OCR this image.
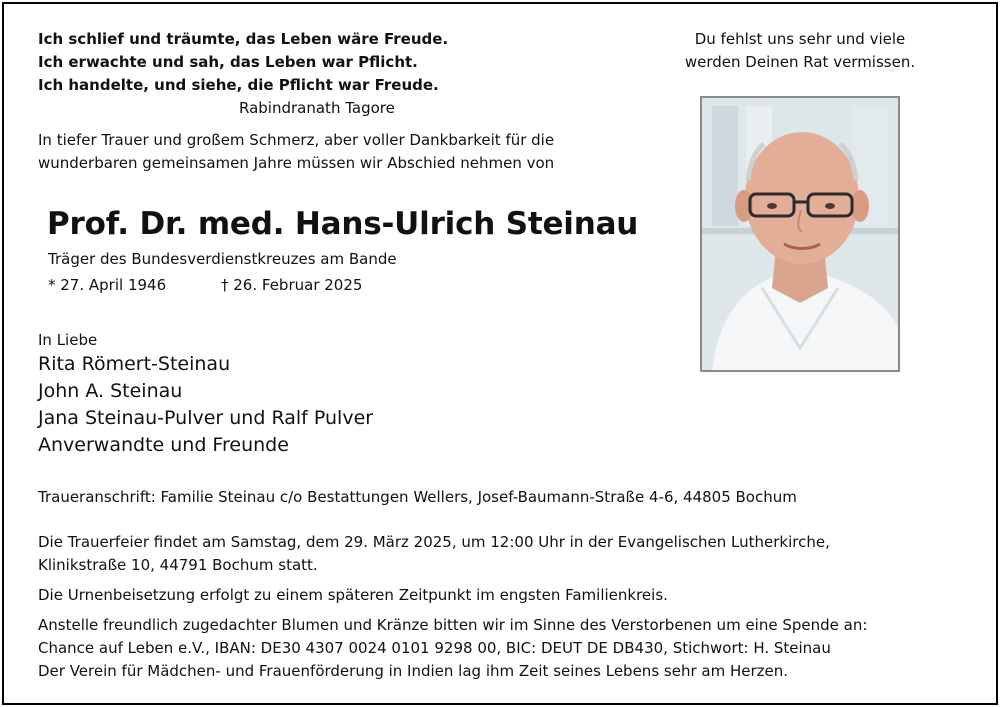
Ich schlief und träumte, das Leben wäre Freude.
Ich erwachte und sah, das Leben war Pflicht.
Ich handelte, und siehe, die Pflicht war Freude.
Rabindranath Tagore
Du fehlst uns sehr und viele
werden Deinen Rat vermissen.
In tiefer Trauer und großem Schmerz, aber voller Dankbarkeit für die
wunderbaren gemeinsamen Jahre müssen wir Abschied nehmen von
Prof. Dr. med. Hans-Ulrich Steinau
Träger des Bundesverdienstkreuzes am Bande
* 27. April 1946	† 26. Februar 2025
In Liebe
Rita Römert-Steinau
John A. Steinau
Jana Steinau-Pulver und Ralf Pulver
Anverwandte und Freunde
Traueranschrift: Familie Steinau c/o Bestattungen Wellers, Josef-Baumann-Straße 4-6, 44805 Bochum
Die Trauerfeier findet am Samstag, dem 29. März 2025, um 12:00 Uhr in der Evangelischen Lutherkirche,
Klinikstraße 10, 44791 Bochum statt.
Die Urnenbeisetzung erfolgt zu einem späteren Zeitpunkt im engsten Familienkreis.
Anstelle freundlich zugedachter Blumen und Kränze bitten wir im Sinne des Verstorbenen um eine Spende an:
Chance auf Leben e.V., IBAN: DE30 4307 0024 0101 9298 00, BIC: DEUT DE DB430, Stichwort: H. Steinau
Der Verein für Mädchen- und Frauenförderung in Indien lag ihm Zeit seines Lebens sehr am Herzen.
